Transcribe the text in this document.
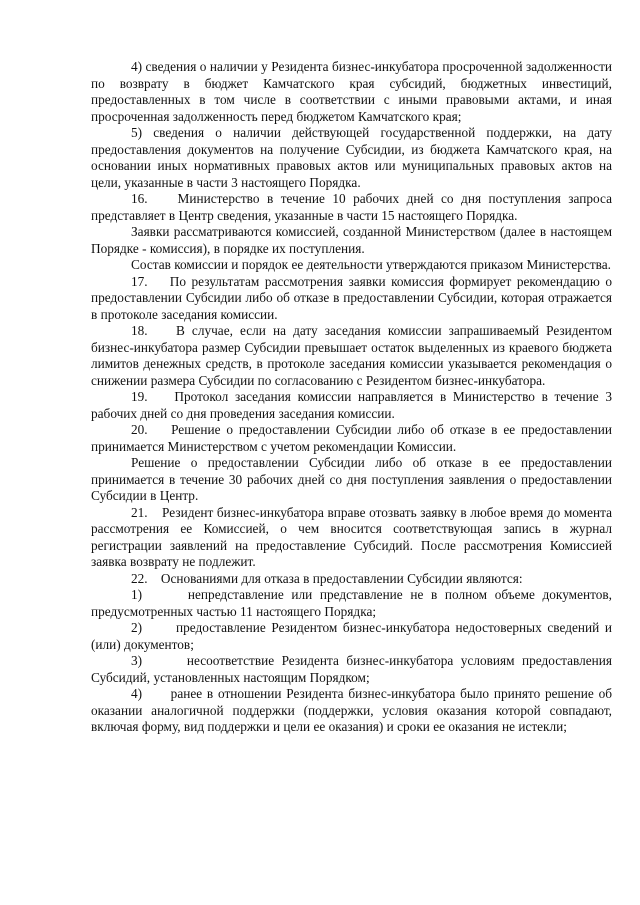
4) сведения о наличии у Резидента бизнес-инкубатора просроченной задолженности по возврату в бюджет Камчатского края субсидий, бюджетных инвестиций, предоставленных в том числе в соответствии с иными правовыми актами, и иная просроченная задолженность перед бюджетом Камчатского края;

5) сведения о наличии действующей государственной поддержки, на дату предоставления документов на получение Субсидии, из бюджета Камчатского края, на основании иных нормативных правовых актов или муниципальных правовых актов на цели, указанные в части 3 настоящего Порядка.

16.    Министерство в течение 10 рабочих дней со дня поступления запроса представляет в Центр сведения, указанные в части 15 настоящего Порядка.

Заявки рассматриваются комиссией, созданной Министерством (далее в настоящем Порядке - комиссия), в порядке их поступления.

Состав комиссии и порядок ее деятельности утверждаются приказом Министерства.

17.    По результатам рассмотрения заявки комиссия формирует рекомендацию о предоставлении Субсидии либо об отказе в предоставлении Субсидии, которая отражается в протоколе заседания комиссии.

18.    В случае, если на дату заседания комиссии запрашиваемый Резидентом бизнес-инкубатора размер Субсидии превышает остаток выделенных из краевого бюджета лимитов денежных средств, в протоколе заседания комиссии указывается рекомендация о снижении размера Субсидии по согласованию с Резидентом бизнес-инкубатора.

19.    Протокол заседания комиссии направляется в Министерство в течение 3 рабочих дней со дня проведения заседания комиссии.

20.    Решение о предоставлении Субсидии либо об отказе в ее предоставлении принимается Министерством с учетом рекомендации Комиссии.

Решение о предоставлении Субсидии либо об отказе в ее предоставлении принимается в течение 30 рабочих дней со дня поступления заявления о предоставлении Субсидии в Центр.

21.    Резидент бизнес-инкубатора вправе отозвать заявку в любое время до момента рассмотрения ее Комиссией, о чем вносится соответствующая запись в журнал регистрации заявлений на предоставление Субсидий. После рассмотрения Комиссией заявка возврату не подлежит.

22.    Основаниями для отказа в предоставлении Субсидии являются:

1)      непредставление или представление не в полном объеме документов, предусмотренных частью 11 настоящего Порядка;

2)      предоставление Резидентом бизнес-инкубатора недостоверных сведений и (или) документов;

3)      несоответствие Резидента бизнес-инкубатора условиям предоставления Субсидий, установленных настоящим Порядком;

4)      ранее в отношении Резидента бизнес-инкубатора было принято решение об оказании аналогичной поддержки (поддержки, условия оказания которой совпадают, включая форму, вид поддержки и цели ее оказания) и сроки ее оказания не истекли;
